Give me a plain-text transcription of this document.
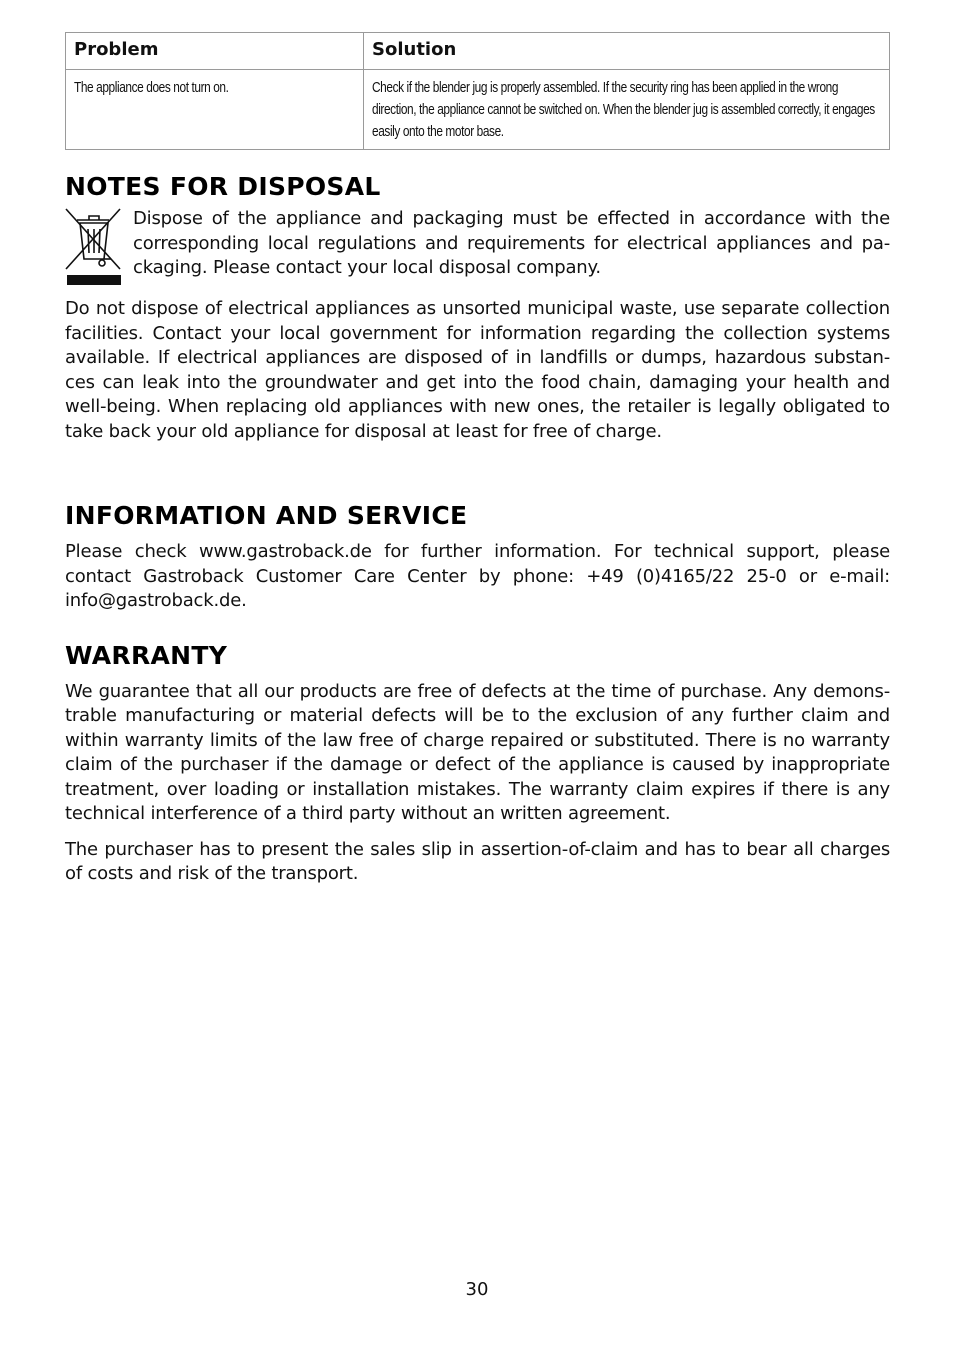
Problem	Solution
The appliance does not turn on.	Check if the blender jug is properly assembled. If the security ring has been applied in the wrong direction, the appliance cannot be switched on. When the blender jug is assembled correctly, it engages easily onto the motor base.
NOTES FOR DISPOSAL

Dispose of the appliance and packaging must be effected in accordance with the corresponding local regulations and requirements for electrical appliances and pa-ckaging. Please contact your local disposal company.

Do not dispose of electrical appliances as unsorted municipal waste, use separate collection facilities. Contact your local government for information regarding the collection systems available. If electrical appliances are disposed of in landfills or dumps, hazardous substan-ces can leak into the groundwater and get into the food chain, damaging your health and well-being. When replacing old appliances with new ones, the retailer is legally obligated to take back your old appliance for disposal at least for free of charge.

INFORMATION AND SERVICE

Please check www.gastroback.de for further information. For technical support, please contact Gastroback Customer Care Center by phone: +49 (0)4165/22 25-0 or e-mail: info@gastroback.de.

WARRANTY

We guarantee that all our products are free of defects at the time of purchase. Any demons-trable manufacturing or material defects will be to the exclusion of any further claim and within warranty limits of the law free of charge repaired or substituted. There is no warranty claim of the purchaser if the damage or defect of the appliance is caused by inappropriate treatment, over loading or installation mistakes. The warranty claim expires if there is any technical interference of a third party without an written agreement.

The purchaser has to present the sales slip in assertion-of-claim and has to bear all charges of costs and risk of the transport.

30
